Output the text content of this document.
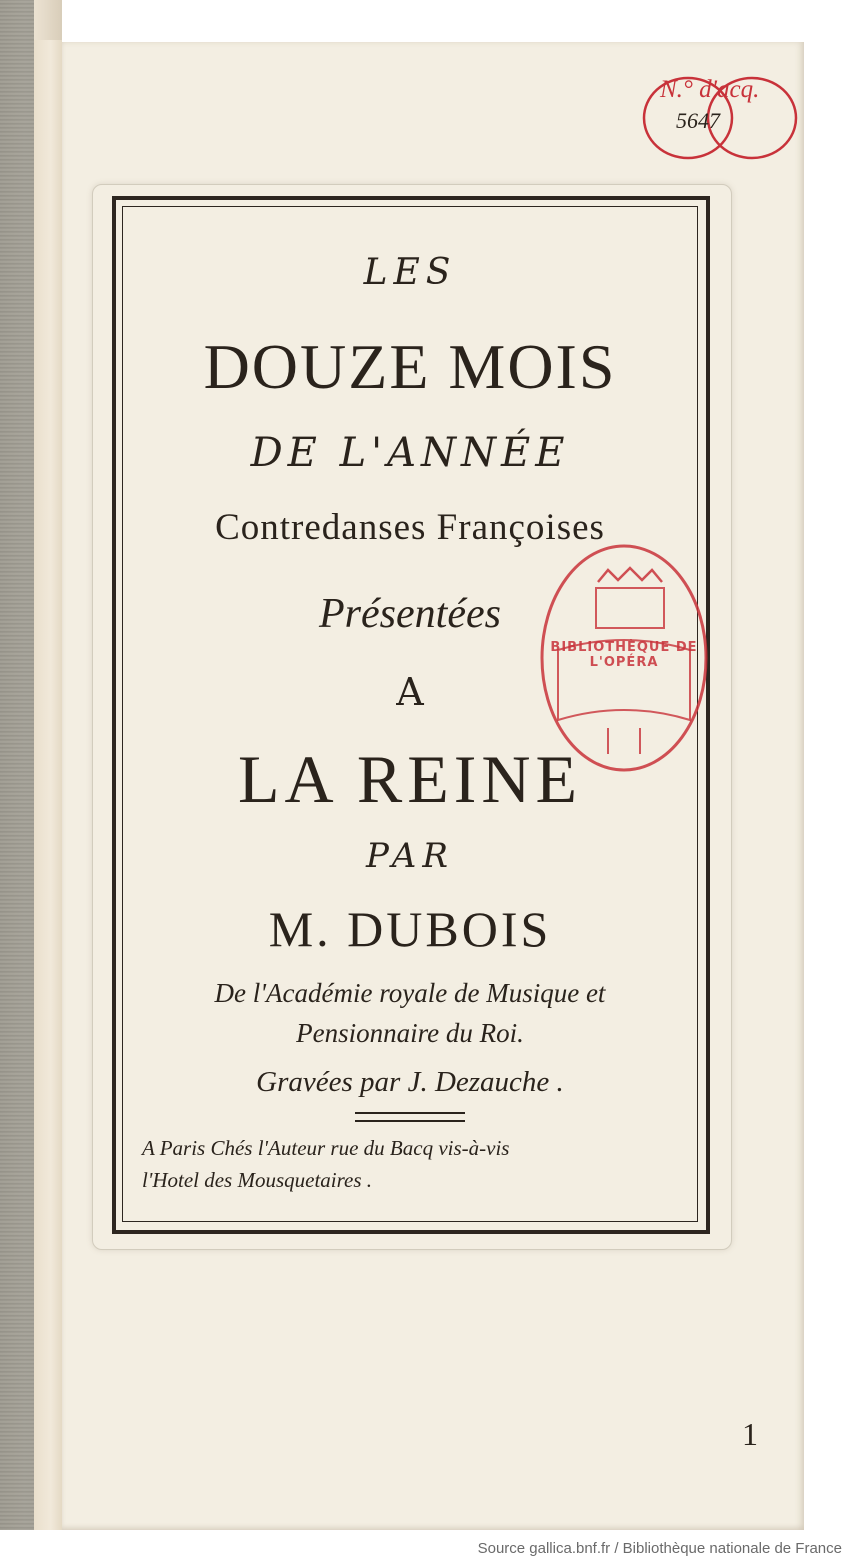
LES

DOUZE MOIS

DE L'ANNÉE

Contredanses Françoises

Présentées

A

LA REINE

PAR

M. DUBOIS

De l'Académie royale de Musique et

Pensionnaire du Roi.

Gravées par J. Dezauche .

A Paris Chés l'Auteur rue du Bacq vis-à-vis

l'Hotel des Mousquetaires .

N.° d'acq.
5647
BIBLIOTHÈQUE DE L'OPÉRA
1
Source gallica.bnf.fr / Bibliothèque nationale de France
